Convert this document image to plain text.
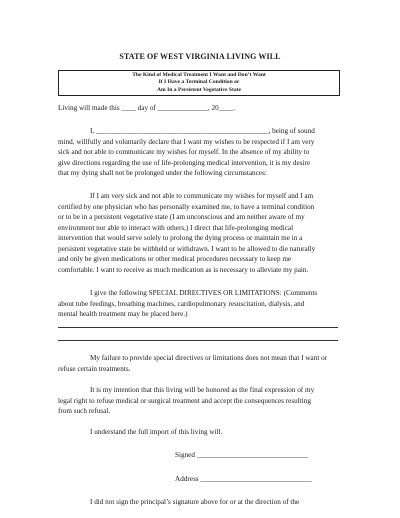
STATE OF WEST VIRGINIA LIVING WILL
The Kind of Medical Treatment I Want and Don’t Want
If I Have a Terminal Condition or
Am In a Persistent Vegetative State
Living will made this ____ day of ______________, 20____.
I, ________________________________________________, being of sound
mind, willfully and voluntarily declare that I want my wishes to be respected if I am very
sick and not able to communicate my wishes for myself. In the absence of my ability to
give directions regarding the use of life-prolonging medical intervention, it is my desire
that my dying shall not be prolonged under the following circumstances:
If I am very sick and not able to communicate my wishes for myself and I am
certified by one physician who has personally examined me, to have a terminal condition
or to be in a persistent vegetative state (I am unconscious and am neither aware of my
environment nor able to interact with others,) I direct that life-prolonging medical
intervention that would serve solely to prolong the dying process or maintain me in a
persistent vegetative state be withheld or withdrawn. I want to be allowed to die naturally
and only be given medications or other medical procedures necessary to keep me
comfortable. I want to receive as much medication as is necessary to alleviate my pain.
I give the following SPECIAL DIRECTIVES OR LIMITATIONS: (Comments
about tube feedings, breathing machines, cardiopulmonary resuscitation, dialysis, and
mental health treatment may be placed here.)
My failure to provide special directives or limitations does not mean that I want or
refuse certain treatments.
It is my intention that this living will be honored as the final expression of my
legal right to refuse medical or surgical treatment and accept the consequences resulting
from such refusal.
I understand the full import of this living will.
Signed _______________________________
Address _______________________________
I did not sign the principal’s signature above for or at the direction of the
